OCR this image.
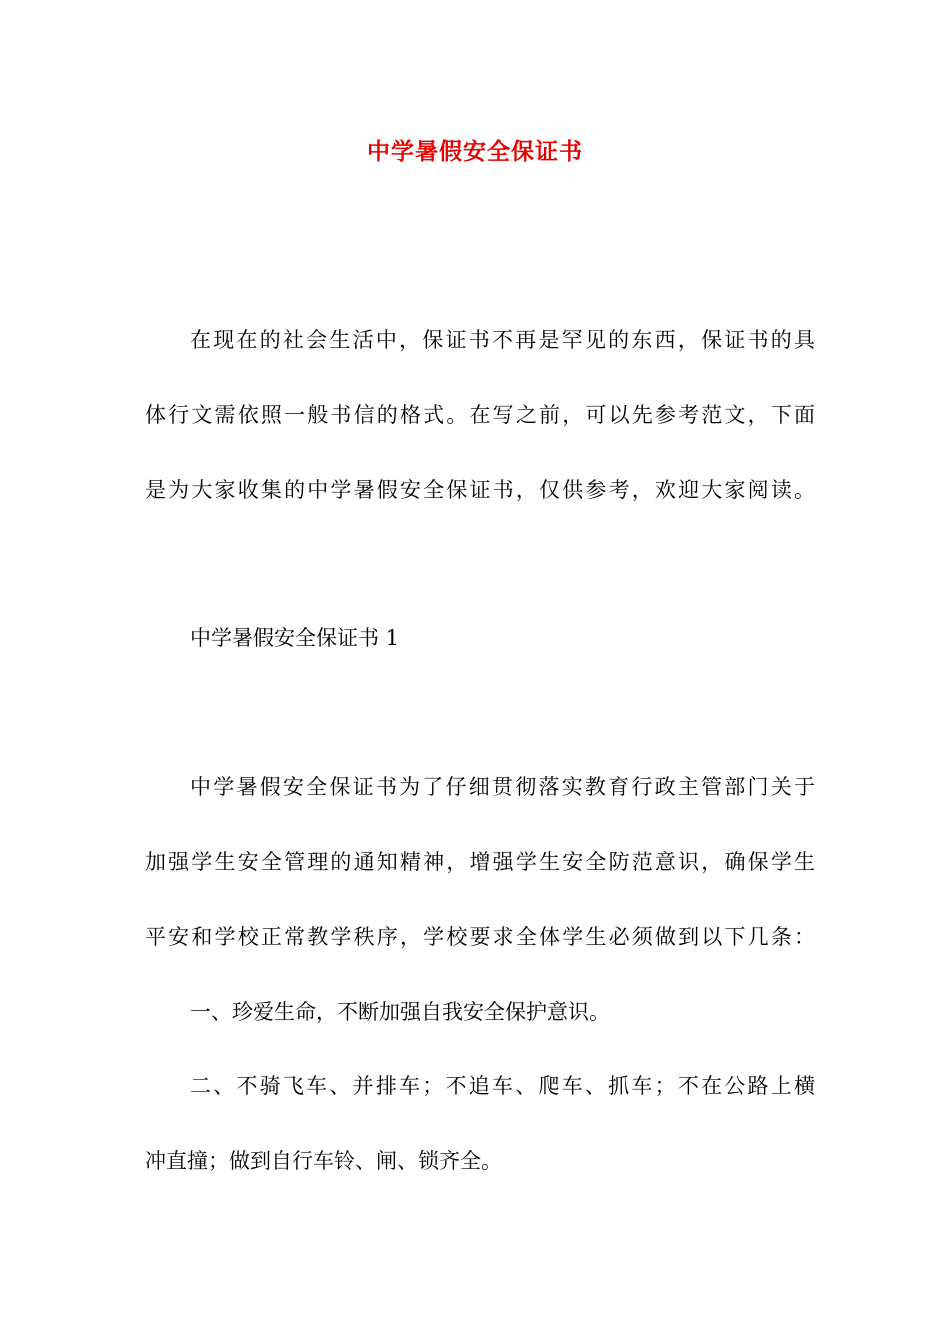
中学暑假安全保证书
在现在的社会生活中，保证书不再是罕见的东西，保证书的具
体行文需依照一般书信的格式。在写之前，可以先参考范文，下面
是为大家收集的中学暑假安全保证书，仅供参考，欢迎大家阅读。
中学暑假安全保证书 1
中学暑假安全保证书为了仔细贯彻落实教育行政主管部门关于
加强学生安全管理的通知精神，增强学生安全防范意识，确保学生
平安和学校正常教学秩序，学校要求全体学生必须做到以下几条：
一、珍爱生命，不断加强自我安全保护意识。
二、不骑飞车、并排车；不追车、爬车、抓车；不在公路上横
冲直撞；做到自行车铃、闸、锁齐全。
